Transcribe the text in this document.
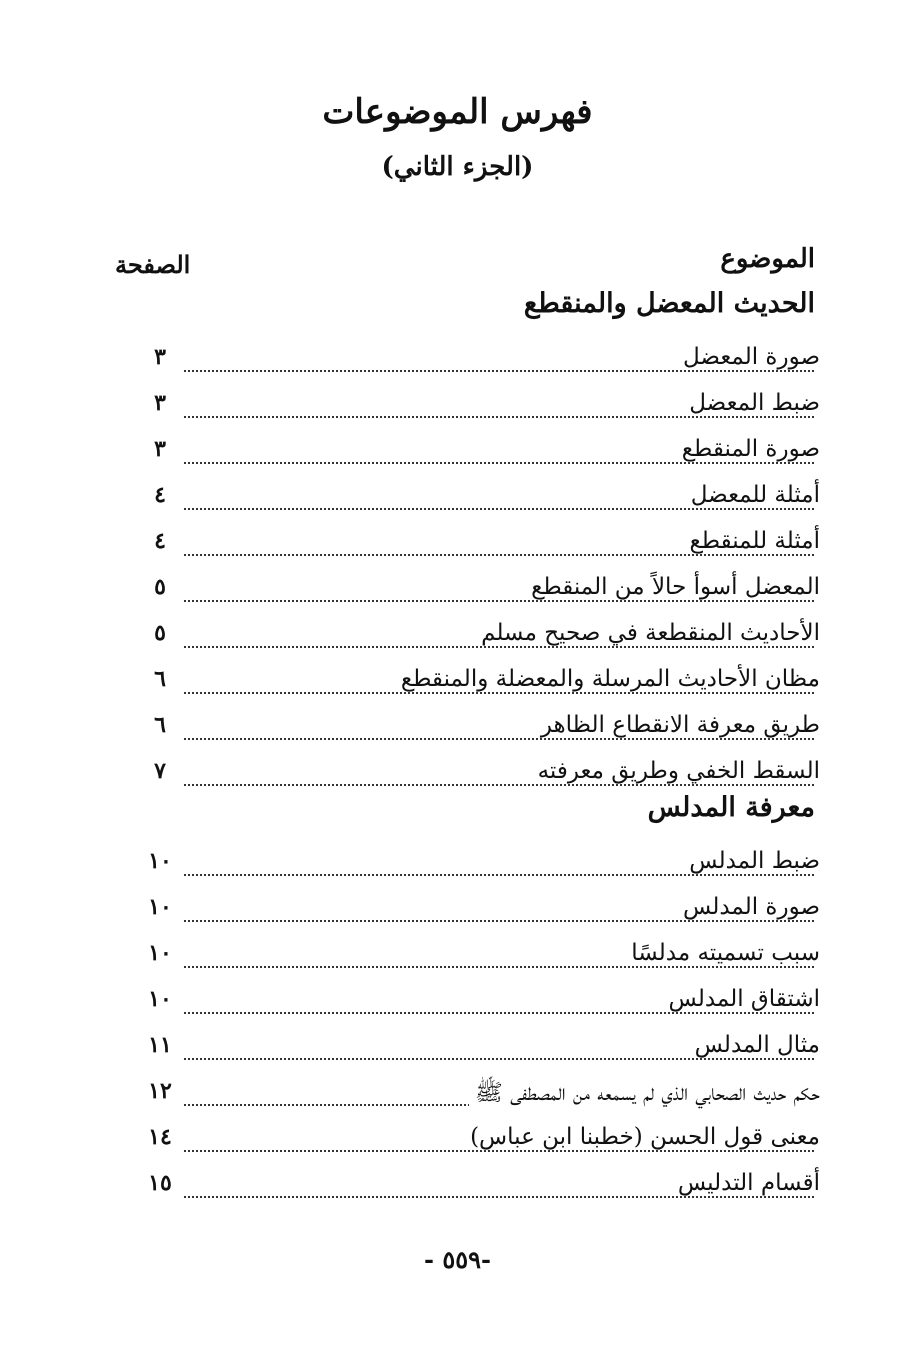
فهرس الموضوعات
(الجزء الثاني)
الموضوع
الصفحة
الحديث المعضل والمنقطع
صورة المعضل
٣
ضبط المعضل
٣
صورة المنقطع
٣
أمثلة للمعضل
٤
أمثلة للمنقطع
٤
المعضل أسوأ حالاً من المنقطع
٥
الأحاديث المنقطعة في صحيح مسلم
٥
مظان الأحاديث المرسلة والمعضلة والمنقطع
٦
طريق معرفة الانقطاع الظاهر
٦
السقط الخفي وطريق معرفته
٧
معرفة المدلس
ضبط المدلس
١٠
صورة المدلس
١٠
سبب تسميته مدلسًا
١٠
اشتقاق المدلس
١٠
مثال المدلس
١١
حكم حديث الصحابي الذي لم يسمعه من المصطفى ﷺ
١٢
معنى قول الحسن (خطبنا ابن عباس)
١٤
أقسام التدليس
١٥
- ٥٥٩-
